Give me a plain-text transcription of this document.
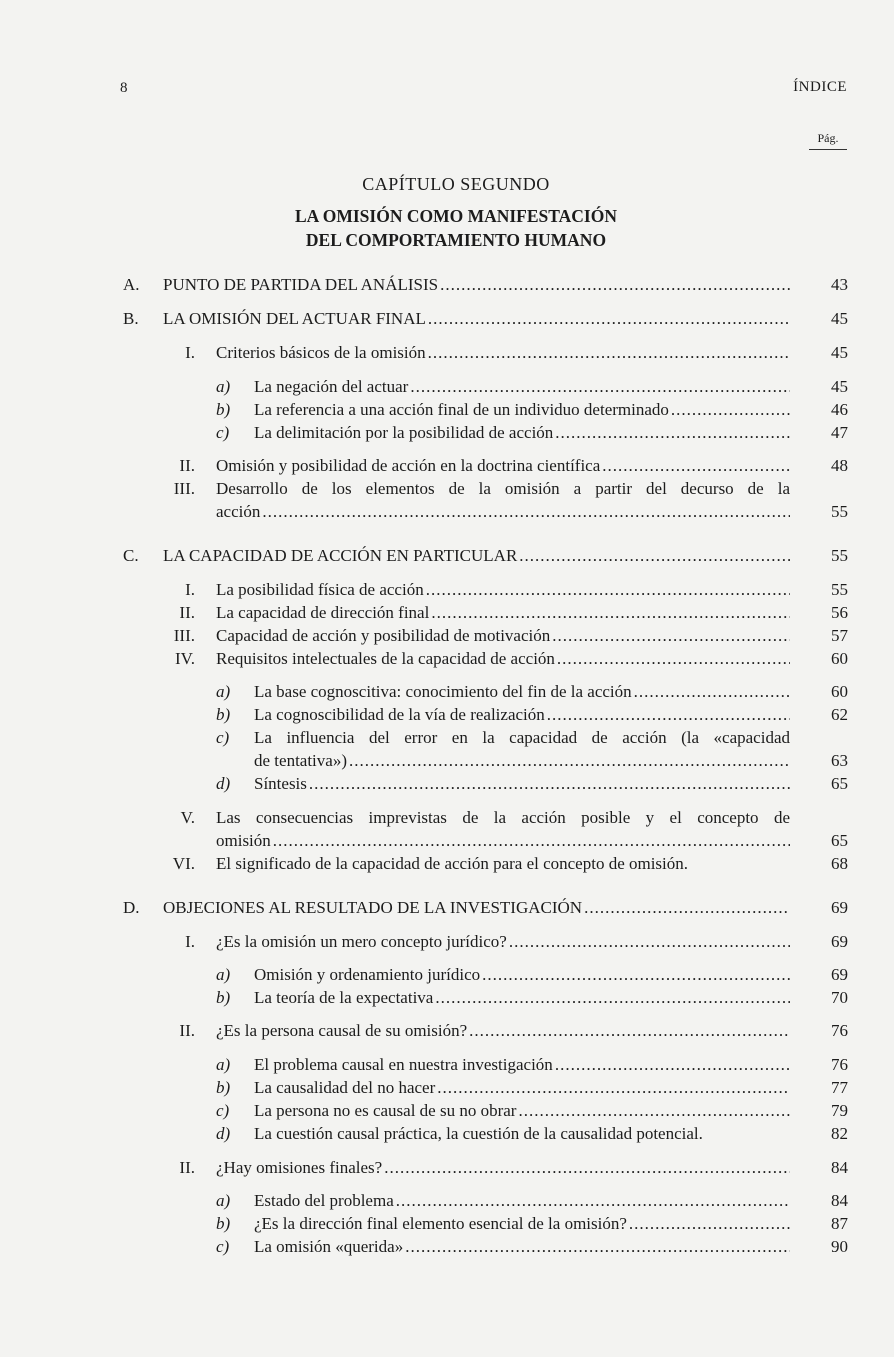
8	ÍNDICE
Pág.
CAPÍTULO SEGUNDO
LA OMISIÓN COMO MANIFESTACIÓN
DEL COMPORTAMIENTO HUMANO
A. PUNTO DE PARTIDA DEL ANÁLISIS .....	43
B. LA OMISIÓN DEL ACTUAR FINAL .....	45
I. Criterios básicos de la omisión .....	45
a) La negación del actuar .....	45
b) La referencia a una acción final de un individuo determinado .....	46
c) La delimitación por la posibilidad de acción .....	47
II. Omisión y posibilidad de acción en la doctrina científica .....	48
III. Desarrollo de los elementos de la omisión a partir del decurso de la
acción .....	55
C. LA CAPACIDAD DE ACCIÓN EN PARTICULAR .....	55
I. La posibilidad física de acción .....	55
II. La capacidad de dirección final .....	56
III. Capacidad de acción y posibilidad de motivación .....	57
IV. Requisitos intelectuales de la capacidad de acción .....	60
a) La base cognoscitiva: conocimiento del fin de la acción .....	60
b) La cognoscibilidad de la vía de realización .....	62
c) La influencia del error en la capacidad de acción (la «capacidad
de tentativa») .....	63
d) Síntesis .....	65
V. Las consecuencias imprevistas de la acción posible y el concepto de
omisión .....	65
VI. El significado de la capacidad de acción para el concepto de omisión.	68
D. OBJECIONES AL RESULTADO DE LA INVESTIGACIÓN .....	69
I. ¿Es la omisión un mero concepto jurídico? .....	69
a) Omisión y ordenamiento jurídico .....	69
b) La teoría de la expectativa .....	70
II. ¿Es la persona causal de su omisión? .....	76
a) El problema causal en nuestra investigación .....	76
b) La causalidad del no hacer .....	77
c) La persona no es causal de su no obrar .....	79
d) La cuestión causal práctica, la cuestión de la causalidad potencial.	82
II. ¿Hay omisiones finales? .....	84
a) Estado del problema .....	84
b) ¿Es la dirección final elemento esencial de la omisión? .....	87
c) La omisión «querida» .....	90
